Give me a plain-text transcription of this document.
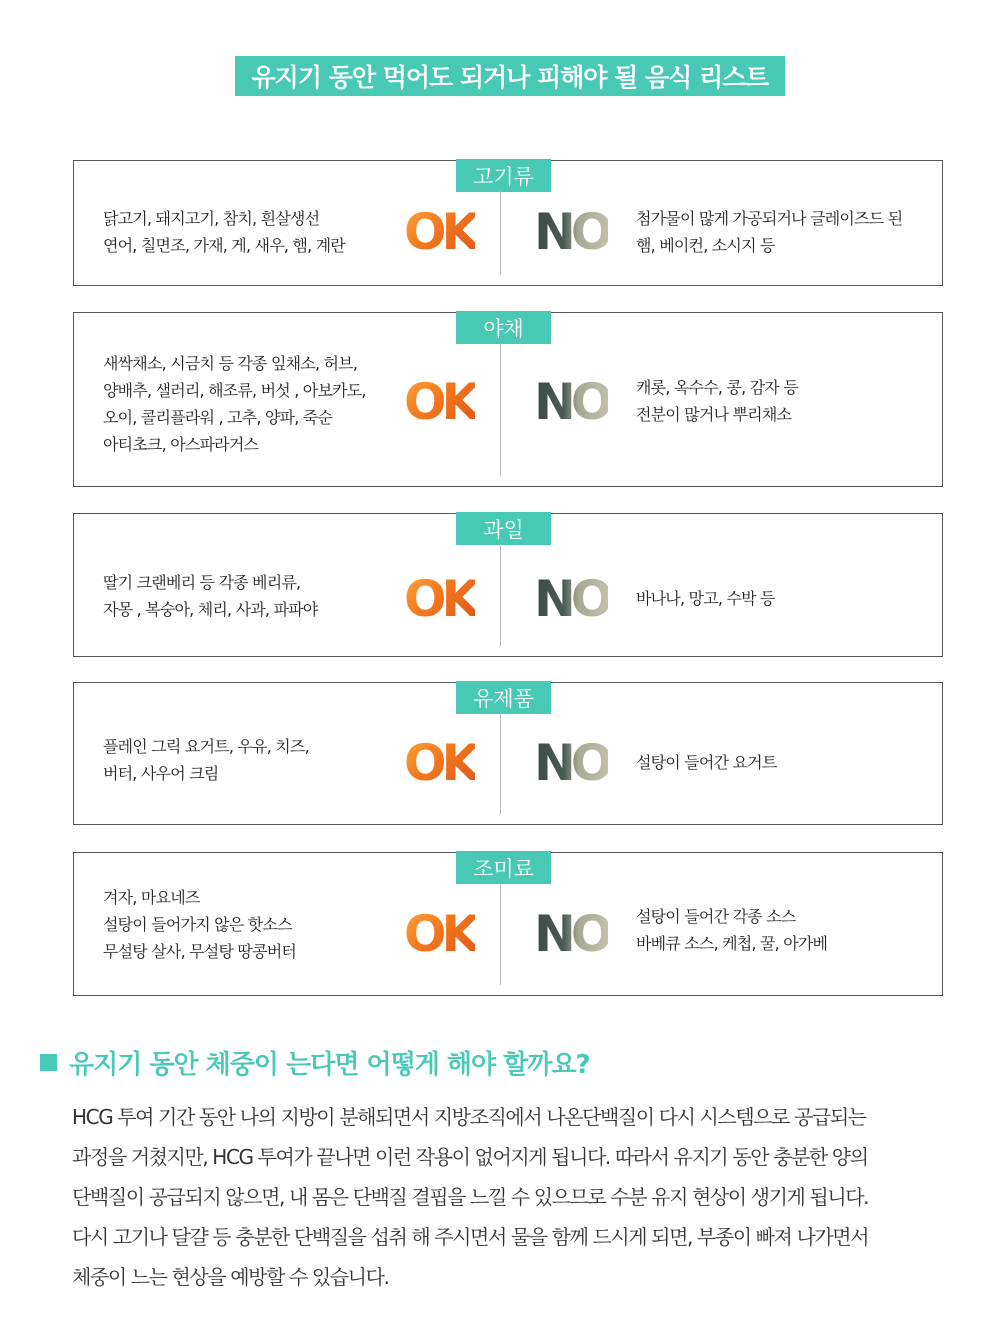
유지기 동안 먹어도 되거나 피해야 될 음식 리스트
고기류
닭고기, 돼지고기, 참치, 흰살생선
연어, 칠면조, 가재, 게, 새우, 햄, 계란	OK NO 첨가물이 많게 가공되거나 글레이즈드 된
햄, 베이컨, 소시지 등
야채
새싹채소, 시금치 등 각종 잎채소, 허브,
양배추, 샐러리, 해조류, 버섯 , 아보카도,
오이, 콜리플라워 , 고추, 양파, 죽순
아티초크, 아스파라거스
OK NO 캐롯, 옥수수, 콩, 감자 등
전분이 많거나 뿌리채소
과일
딸기 크랜베리 등 각종 베리류,
자몽 , 복숭아, 체리, 사과, 파파야	OK NO 바나나, 망고, 수박 등
유제품
플레인 그릭 요거트, 우유, 치즈,
버터, 사우어 크림	OK NO 설탕이 들어간 요거트
조미료
겨자, 마요네즈
설탕이 들어가지 않은 핫소스
무설탕 살사, 무설탕 땅콩버터	OK NO 설탕이 들어간 각종 소스
바베큐 소스, 케첩, 꿀, 아가베
유지기 동안 체중이 는다면 어떻게 해야 할까요?
HCG 투여 기간 동안 나의 지방이 분해되면서 지방조직에서 나온단백질이 다시 시스템으로 공급되는
과정을 거쳤지만, HCG 투여가 끝나면 이런 작용이 없어지게 됩니다. 따라서 유지기 동안 충분한 양의
단백질이 공급되지 않으면, 내 몸은 단백질 결핍을 느낄 수 있으므로 수분 유지 현상이 생기게 됩니다.
다시 고기나 달걀 등 충분한 단백질을 섭취 해 주시면서 물을 함께 드시게 되면, 부종이 빠져 나가면서
체중이 느는 현상을 예방할 수 있습니다.
